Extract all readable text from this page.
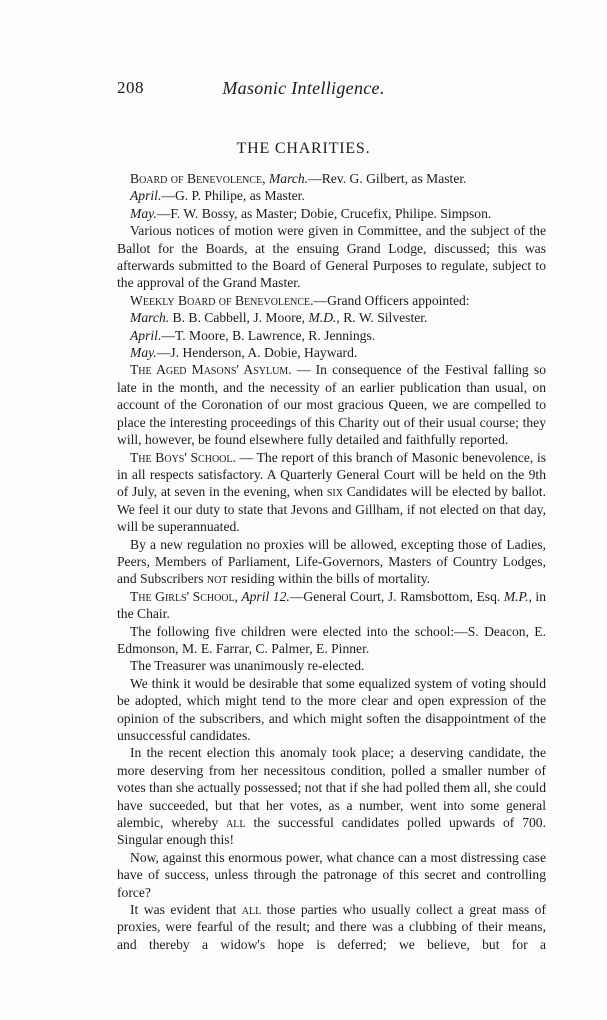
208	Masonic Intelligence.
THE CHARITIES.

Board of Benevolence, March.—Rev. G. Gilbert, as Master.

April.—G. P. Philipe, as Master.

May.—F. W. Bossy, as Master; Dobie, Crucefix, Philipe. Simpson.

Various notices of motion were given in Committee, and the subject of the Ballot for the Boards, at the ensuing Grand Lodge, discussed; this was afterwards submitted to the Board of General Purposes to regulate, subject to the approval of the Grand Master.

Weekly Board of Benevolence.—Grand Officers appointed:

March. B. B. Cabbell, J. Moore, M.D., R. W. Silvester.

April.—T. Moore, B. Lawrence, R. Jennings.

May.—J. Henderson, A. Dobie, Hayward.

The Aged Masons' Asylum. — In consequence of the Festival falling so late in the month, and the necessity of an earlier publication than usual, on account of the Coronation of our most gracious Queen, we are compelled to place the interesting proceedings of this Charity out of their usual course; they will, however, be found elsewhere fully detailed and faithfully reported.

The Boys' School. — The report of this branch of Masonic benevolence, is in all respects satisfactory. A Quarterly General Court will be held on the 9th of July, at seven in the evening, when six Candidates will be elected by ballot. We feel it our duty to state that Jevons and Gillham, if not elected on that day, will be superannuated.

By a new regulation no proxies will be allowed, excepting those of Ladies, Peers, Members of Parliament, Life-Governors, Masters of Country Lodges, and Subscribers not residing within the bills of mortality.

The Girls' School, April 12.—General Court, J. Ramsbottom, Esq. M.P., in the Chair.

The following five children were elected into the school:—S. Deacon, E. Edmonson, M. E. Farrar, C. Palmer, E. Pinner.

The Treasurer was unanimously re-elected.

We think it would be desirable that some equalized system of voting should be adopted, which might tend to the more clear and open expression of the opinion of the subscribers, and which might soften the disappointment of the unsuccessful candidates.

In the recent election this anomaly took place; a deserving candidate, the more deserving from her necessitous condition, polled a smaller number of votes than she actually possessed; not that if she had polled them all, she could have succeeded, but that her votes, as a number, went into some general alembic, whereby all the successful candidates polled upwards of 700. Singular enough this!

Now, against this enormous power, what chance can a most distressing case have of success, unless through the patronage of this secret and controlling force?

It was evident that all those parties who usually collect a great mass of proxies, were fearful of the result; and there was a clubbing of their means, and thereby a widow's hope is deferred; we believe, but for a
